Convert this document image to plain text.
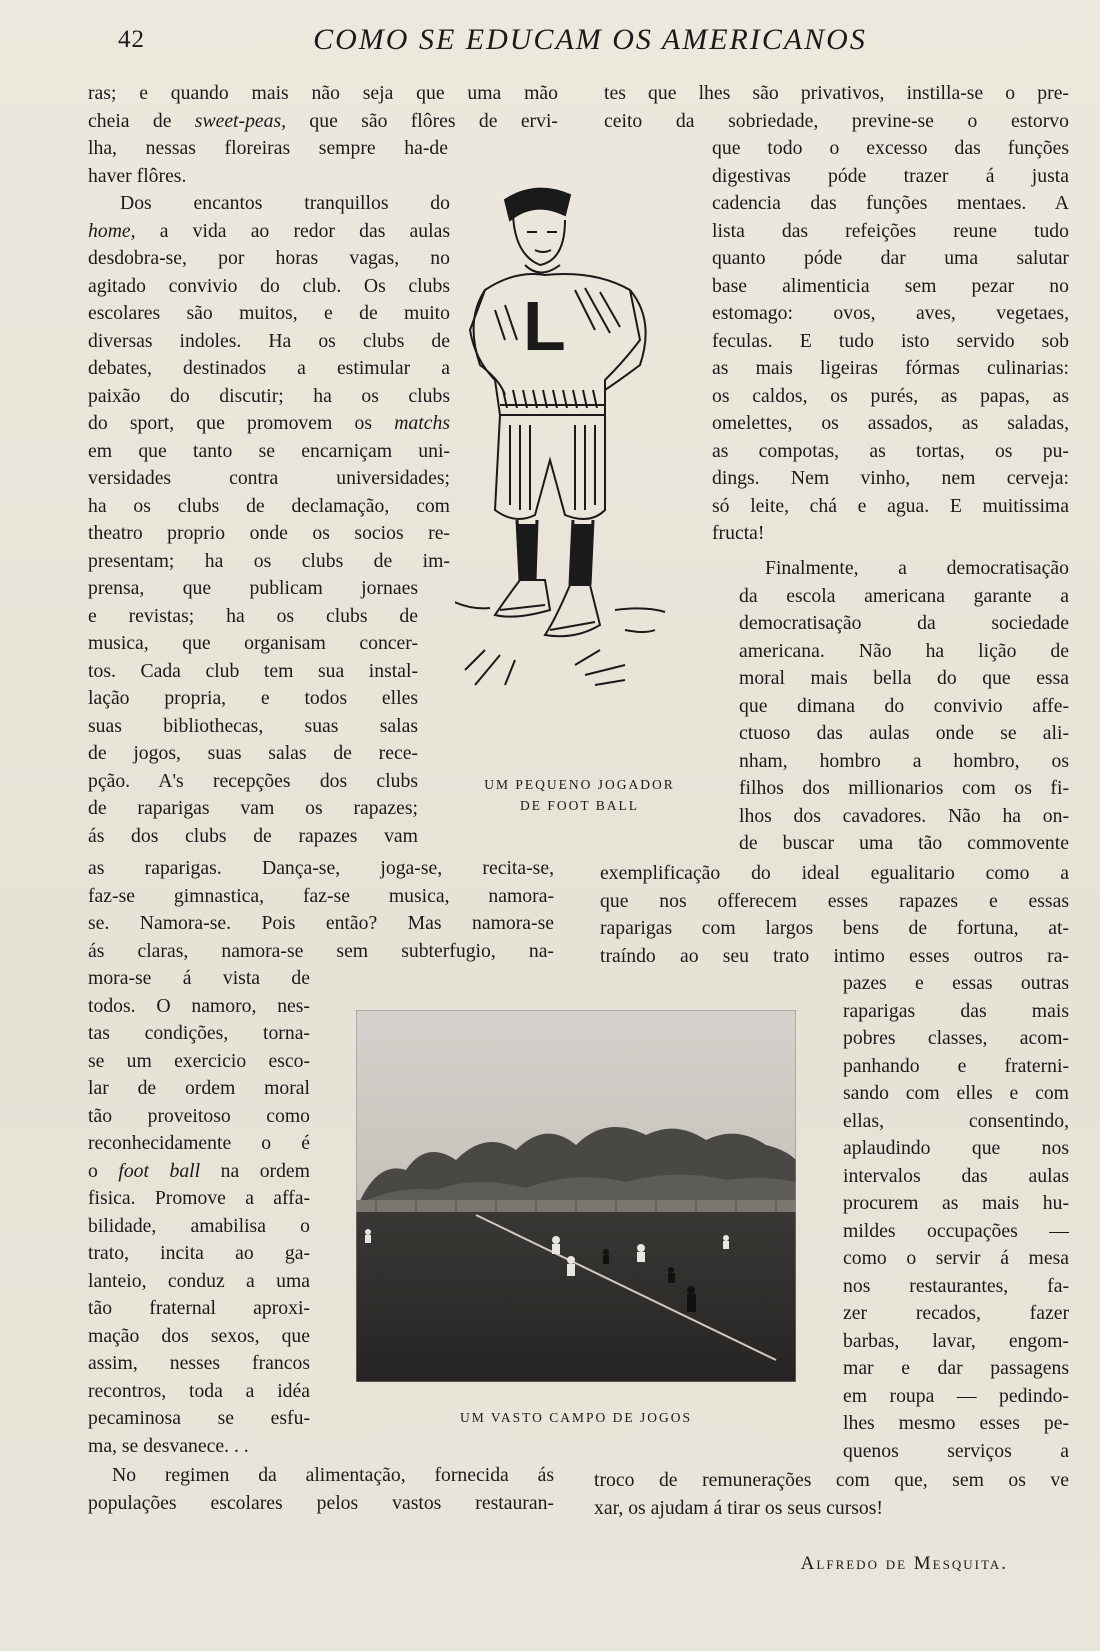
42	COMO SE EDUCAM OS AMERICANOS
ras; e quando mais não seja que uma mão
cheia de sweet-peas, que são flôres de ervi-
lha, nessas floreiras sempre ha-de
haver flôres.
Dos encantos tranquillos do
home, a vida ao redor das aulas
desdobra-se, por horas vagas, no
agitado convivio do club. Os clubs
escolares são muitos, e de muito
diversas indoles. Ha os clubs de
debates, destinados a estimular a
paixão do discutir; ha os clubs
do sport, que promovem os matchs
em que tanto se encarniçam uni-
versidades contra universidades;
ha os clubs de declamação, com
theatro proprio onde os socios re-
presentam; ha os clubs de im-
prensa, que publicam jornaes
e revistas; ha os clubs de
musica, que organisam concer-
tos. Cada club tem sua instal-
lação propria, e todos elles
suas bibliothecas, suas salas
de jogos, suas salas de rece-
pção. A's recepções dos clubs
de raparigas vam os rapazes;
ás dos clubs de rapazes vam
as raparigas. Dança-se, joga-se, recita-se,
faz-se gimnastica, faz-se musica, namora-
se. Namora-se. Pois então? Mas namora-se
ás claras, namora-se sem subterfugio, na-
mora-se á vista de
todos. O namoro, nes-
tas condições, torna-
se um exercicio esco-
lar de ordem moral
tão proveitoso como
reconhecidamente o é
o foot ball na ordem
fisica. Promove a affa-
bilidade, amabilisa o
trato, incita ao ga-
lanteio, conduz a uma
tão fraternal aproxi-
mação dos sexos, que
assim, nesses francos
recontros, toda a idéa
pecaminosa se esfu-
ma, se desvanece. . .
No regimen da alimentação, fornecida ás
populações escolares pelos vastos restauran-
tes que lhes são privativos, instilla-se o pre-
ceito da sobriedade, previne-se o estorvo
que todo o excesso das funções
digestivas póde trazer á justa
cadencia das funções mentaes. A
lista das refeições reune tudo
quanto póde dar uma salutar
base alimenticia sem pezar no
estomago: ovos, aves, vegetaes,
feculas. E tudo isto servido sob
as mais ligeiras fórmas culinarias:
os caldos, os purés, as papas, as
omelettes, os assados, as saladas,
as compotas, as tortas, os pu-
dings. Nem vinho, nem cerveja:
só leite, chá e agua. E muitissima
fructa!
Finalmente, a democratisação
da escola americana garante a
democratisação da sociedade
americana. Não ha lição de
moral mais bella do que essa
que dimana do convivio affe-
ctuoso das aulas onde se ali-
nham, hombro a hombro, os
filhos dos millionarios com os fi-
lhos dos cavadores. Não ha on-
de buscar uma tão commovente
exemplificação do ideal egualitario como a
que nos offerecem esses rapazes e essas
raparigas com largos bens de fortuna, at-
traíndo ao seu trato intimo esses outros ra-
pazes e essas outras
raparigas das mais
pobres classes, acom-
panhando e fraterni-
sando com elles e com
ellas, consentindo,
aplaudindo que nos
intervalos das aulas
procurem as mais hu-
mildes occupações —
como o servir á mesa
nos restaurantes, fa-
zer recados, fazer
barbas, lavar, engom-
mar e dar passagens
em roupa — pedindo-
lhes mesmo esses pe-
quenos serviços a
troco de remunerações com que, sem os ve
xar, os ajudam á tirar os seus cursos!
L
UM PEQUENO JOGADOR
DE FOOT BALL
UM VASTO CAMPO DE JOGOS
Alfredo de Mesquita.
